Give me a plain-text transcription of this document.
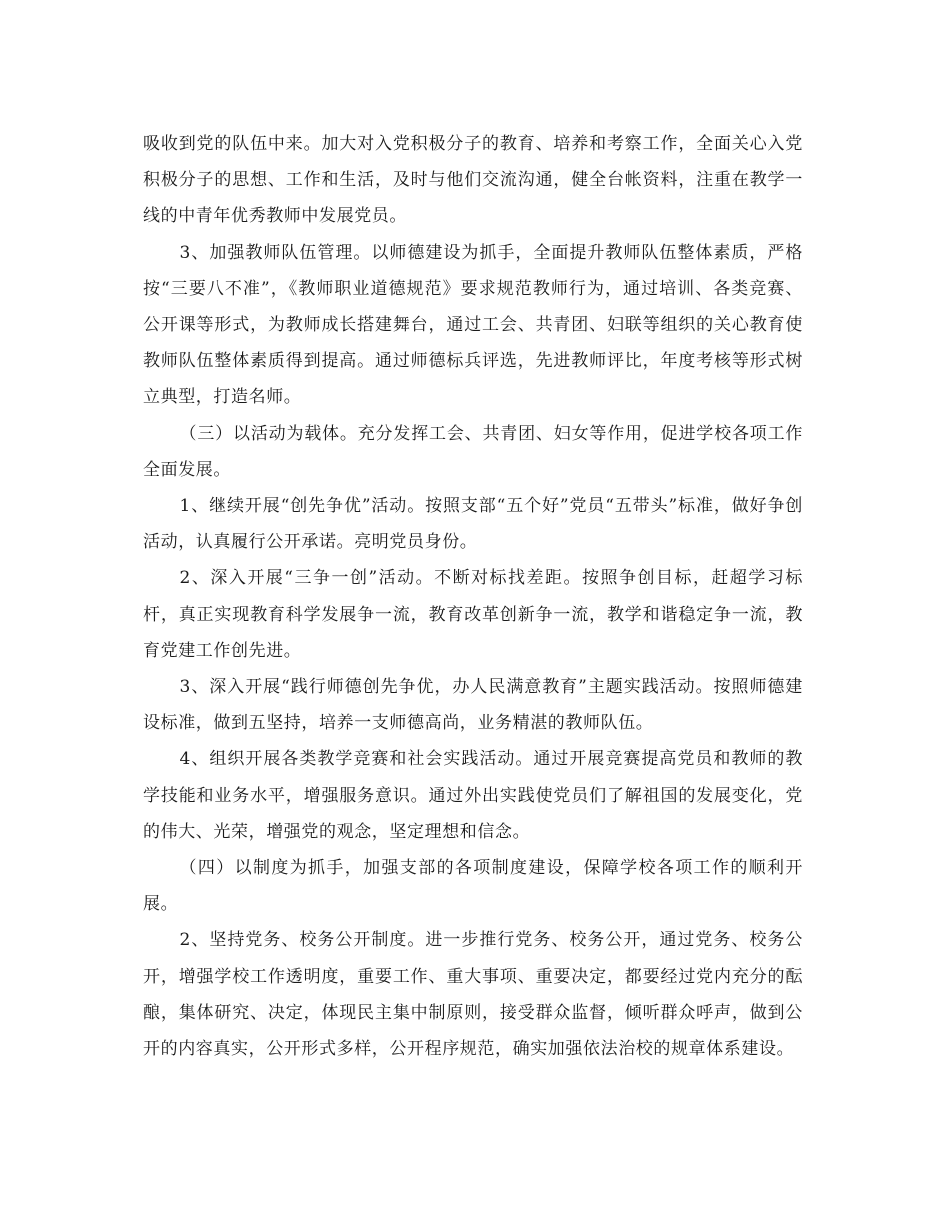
吸收到党的队伍中来。加大对入党积极分子的教育、培养和考察工作，全面关心入党积极分子的思想、工作和生活，及时与他们交流沟通，健全台帐资料，注重在教学一线的中青年优秀教师中发展党员。

3、加强教师队伍管理。以师德建设为抓手，全面提升教师队伍整体素质，严格按“三要八不准”，《教师职业道德规范》要求规范教师行为，通过培训、各类竞赛、公开课等形式，为教师成长搭建舞台，通过工会、共青团、妇联等组织的关心教育使教师队伍整体素质得到提高。通过师德标兵评选，先进教师评比，年度考核等形式树立典型，打造名师。

（三）以活动为载体。充分发挥工会、共青团、妇女等作用，促进学校各项工作全面发展。

1、继续开展“创先争优”活动。按照支部“五个好”党员“五带头”标准，做好争创活动，认真履行公开承诺。亮明党员身份。

2、深入开展“三争一创”活动。不断对标找差距。按照争创目标，赶超学习标杆，真正实现教育科学发展争一流，教育改革创新争一流，教学和谐稳定争一流，教育党建工作创先进。

3、深入开展“践行师德创先争优，办人民满意教育”主题实践活动。按照师德建设标准，做到五坚持，培养一支师德高尚，业务精湛的教师队伍。

4、组织开展各类教学竞赛和社会实践活动。通过开展竞赛提高党员和教师的教学技能和业务水平，增强服务意识。通过外出实践使党员们了解祖国的发展变化，党的伟大、光荣，增强党的观念，坚定理想和信念。

（四）以制度为抓手，加强支部的各项制度建设，保障学校各项工作的顺利开展。

2、坚持党务、校务公开制度。进一步推行党务、校务公开，通过党务、校务公开，增强学校工作透明度，重要工作、重大事项、重要决定，都要经过党内充分的酝酿，集体研究、决定，体现民主集中制原则，接受群众监督，倾听群众呼声，做到公开的内容真实，公开形式多样，公开程序规范，确实加强依法治校的规章体系建设。
